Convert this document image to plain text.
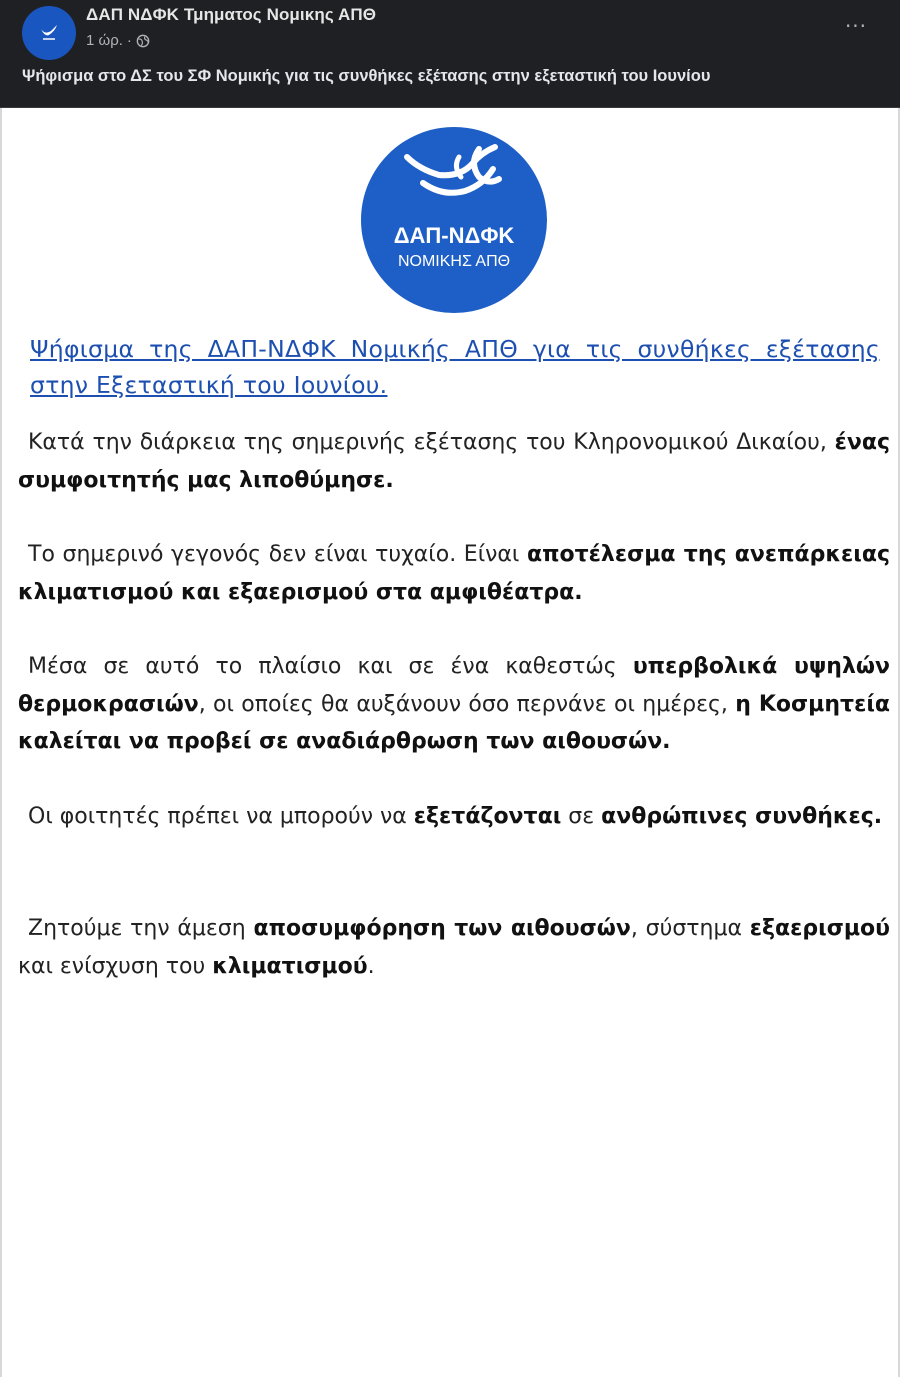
ΔΑΠ ΝΔΦΚ Τμηματος Νομικης ΑΠΘ
1 ώρ. ·
···
Ψήφισμα στο ΔΣ του ΣΦ Νομικής για τις συνθήκες εξέτασης στην εξεταστική του Ιουνίου
ΔΑΠ-ΝΔΦΚ
ΝΟΜΙΚΗΣ ΑΠΘ
Ψήφισμα της ΔΑΠ-ΝΔΦΚ Νομικής ΑΠΘ για τις συνθήκες εξέτασης στην Εξεταστική του Ιουνίου.
Κατά την διάρκεια της σημερινής εξέτασης του Κληρονομικού Δικαίου, ένας συμφοιτητής μας λιποθύμησε.
Το σημερινό γεγονός δεν είναι τυχαίο. Είναι αποτέλεσμα της ανεπάρκειας κλιματισμού και εξαερισμού στα αμφιθέατρα.
Μέσα σε αυτό το πλαίσιο και σε ένα καθεστώς υπερβολικά υψηλών θερμοκρασιών, οι οποίες θα αυξάνουν όσο περνάνε οι ημέρες, η Κοσμητεία καλείται να προβεί σε αναδιάρθρωση των αιθουσών.
Οι φοιτητές πρέπει να μπορούν να εξετάζονται σε ανθρώπινες συνθήκες.
Ζητούμε την άμεση αποσυμφόρηση των αιθουσών, σύστημα εξαερισμού και ενίσχυση του κλιματισμού.
